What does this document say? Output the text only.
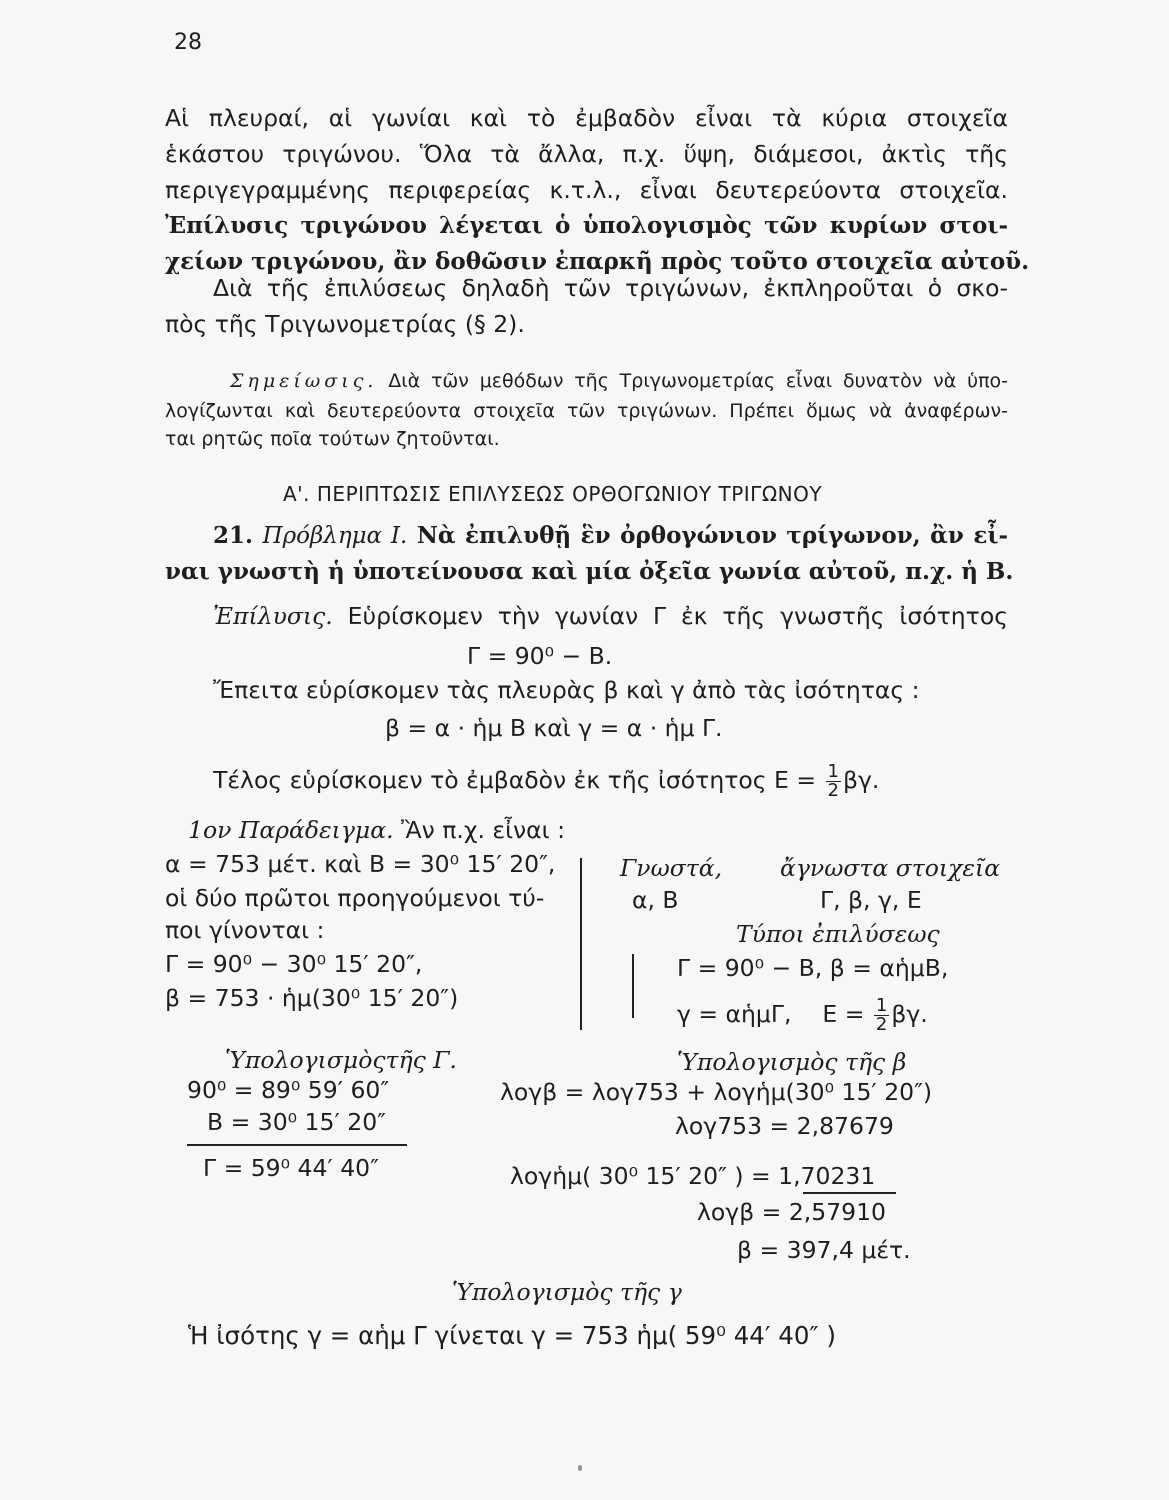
28
Αἱ πλευραί, αἱ γωνίαι καὶ τὸ ἐμβαδὸν εἶναι τὰ κύρια στοιχεῖα
ἑκάστου τριγώνου. Ὅλα τὰ ἄλλα, π.χ. ὕψη, διάμεσοι, ἀκτὶς τῆς
περιγεγραμμένης περιφερείας κ.τ.λ., εἶναι δευτερεύοντα στοιχεῖα.
Ἐπίλυσις τριγώνου λέγεται ὁ ὑπολογισμὸς τῶν κυρίων στοι-
χείων τριγώνου, ἂν δοθῶσιν ἐπαρκῆ πρὸς τοῦτο στοιχεῖα αὐτοῦ.
Διὰ τῆς ἐπιλύσεως δηλαδὴ τῶν τριγώνων, ἐκπληροῦται ὁ σκο-
πὸς τῆς Τριγωνομετρίας (§ 2).
Σημείωσις. Διὰ τῶν μεθόδων τῆς Τριγωνομετρίας εἶναι δυνατὸν νὰ ὑπο-
λογίζωνται καὶ δευτερεύοντα στοιχεῖα τῶν τριγώνων. Πρέπει ὅμως νὰ ἀναφέρων-
ται ρητῶς ποῖα τούτων ζητοῦνται.
Α'. ΠΕΡΙΠΤΩΣΙΣ ΕΠΙΛΥΣΕΩΣ ΟΡΘΟΓΩΝΙΟΥ ΤΡΙΓΩΝΟΥ
21. Πρόβλημα Ι. Νὰ ἐπιλυθῇ ἓν ὀρθογώνιον τρίγωνον, ἂν εἶ-
ναι γνωστὴ ἡ ὑποτείνουσα καὶ μία ὀξεῖα γωνία αὐτοῦ, π.χ. ἡ Β.
Ἐπίλυσις. Εὑρίσκομεν τὴν γωνίαν Γ ἐκ τῆς γνωστῆς ἰσότητος
Γ = 90⁰ − Β.
Ἔπειτα εὑρίσκομεν τὰς πλευρὰς β καὶ γ ἀπὸ τὰς ἰσότητας :
β = α · ἡμ Β καὶ γ = α · ἡμ Γ.
Τέλος εὑρίσκομεν τὸ ἐμβαδὸν ἐκ τῆς ἰσότητος $E = \frac{1}{2} \beta\gamma$.
1ον Παράδειγμα. Ἂν π.χ. εἶναι :
α = 753 μέτ. καὶ Β = 30⁰ 15′ 20″,
οἱ δύο πρῶτοι προηγούμενοι τύ-
ποι γίνονται :
Γ = 90⁰ − 30⁰ 15′ 20″,
β = 753 · ἡμ(30⁰ 15′ 20″)
Γνωστά, ἄγνωστα στοιχεῖα
α, Β	Γ, β, γ, Ε
Τύποι ἐπιλύσεως
Γ = 90⁰ − Β, β = αἡμΒ,
γ = αἡμΓ, $E = \frac{1}{2} \beta\gamma$.
Ὑπολογισμὸςτῆς Γ.
90⁰ = 89⁰ 59′ 60″
Β = 30⁰ 15′ 20″
Γ = 59⁰ 44′ 40″
Ὑπολογισμὸς τῆς β
λογβ = λογ753 + λογἡμ(30⁰ 15′ 20″)
λογ753 = 2,87679
λογἡμ( 30⁰ 15′ 20″ ) = 1,70231
λογβ = 2,57910
β = 397,4 μέτ.
Ὑπολογισμὸς τῆς γ
Ἡ ἰσότης γ = αἡμ Γ γίνεται γ = 753 ἡμ( 59⁰ 44′ 40″ )
